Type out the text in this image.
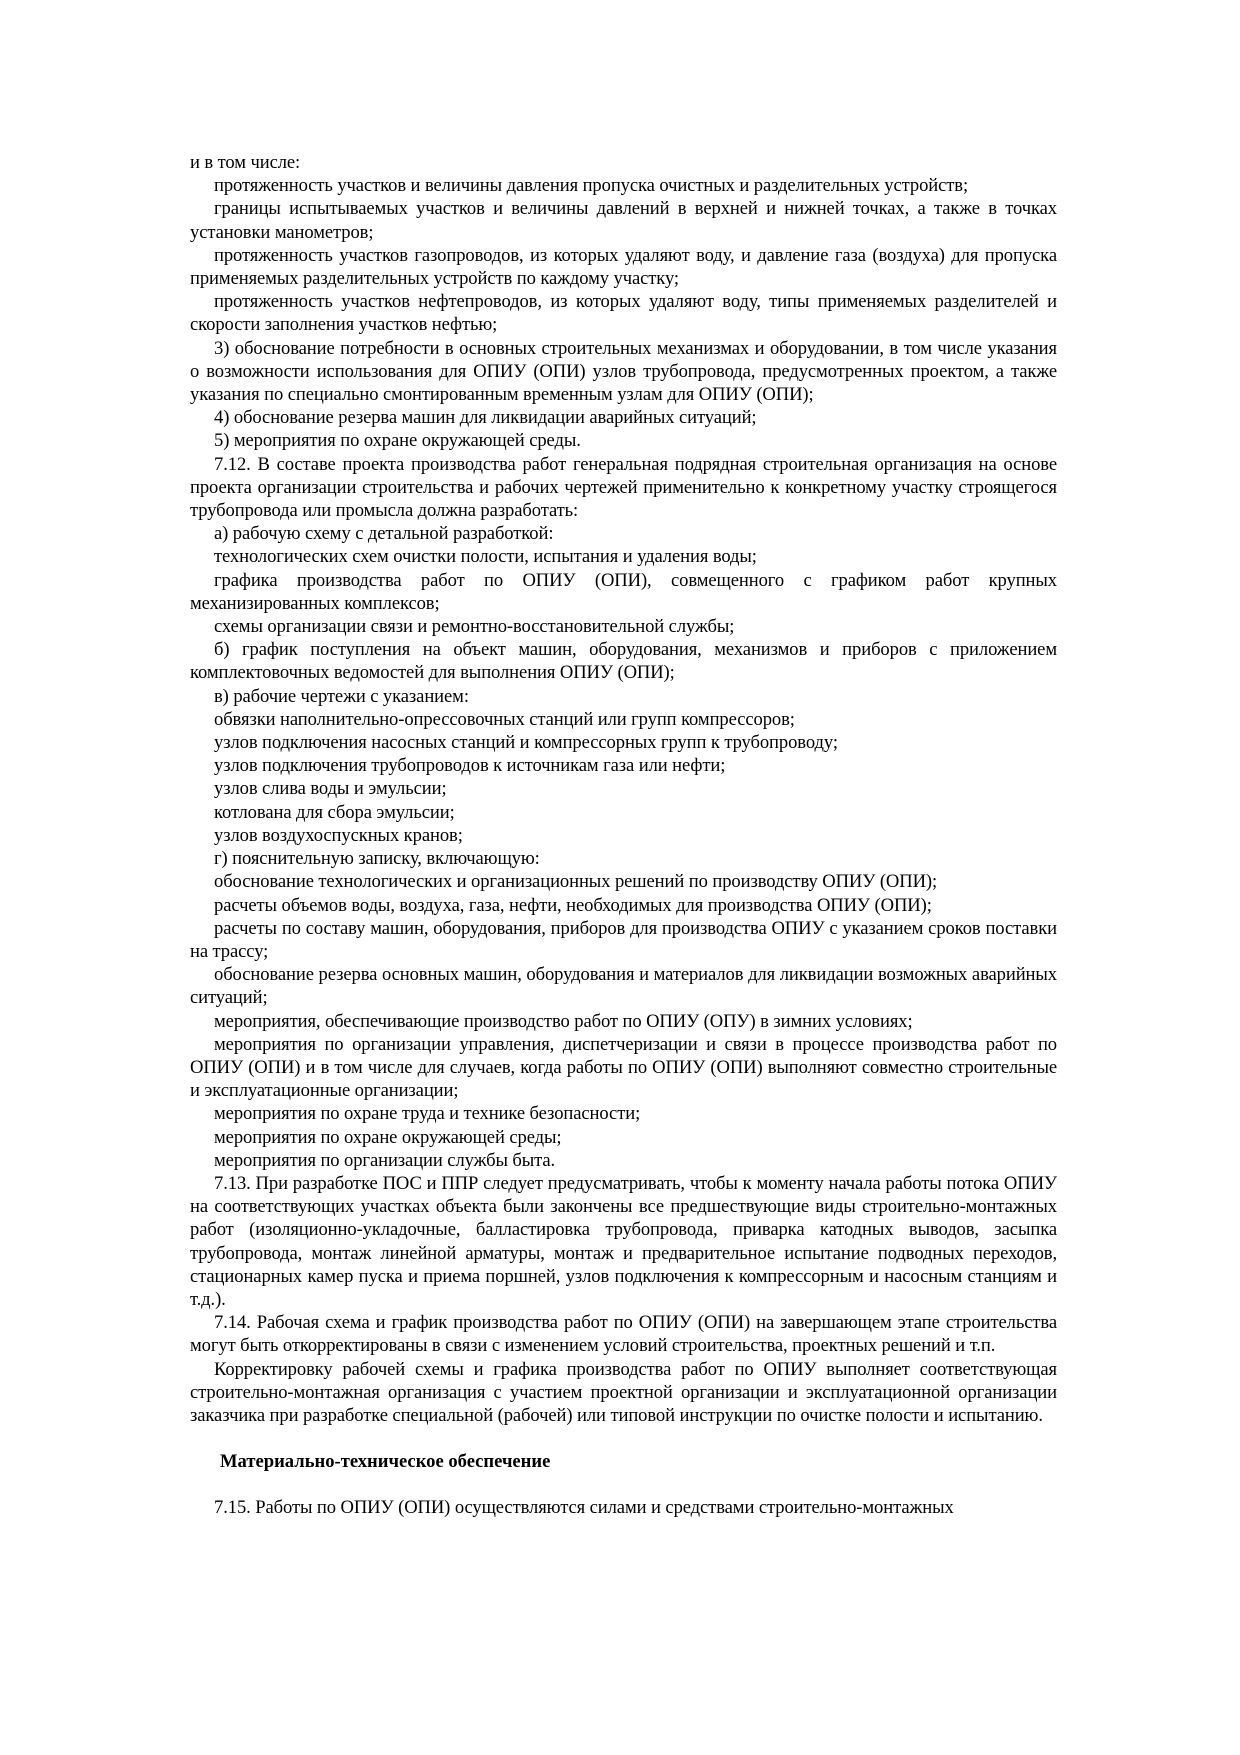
и в том числе:

протяженность участков и величины давления пропуска очистных и разделительных устройств;

границы испытываемых участков и величины давлений в верхней и нижней точках, а также в точках установки манометров;

протяженность участков газопроводов, из которых удаляют воду, и давление газа (воздуха) для пропуска применяемых разделительных устройств по каждому участку;

протяженность участков нефтепроводов, из которых удаляют воду, типы применяемых разделителей и скорости заполнения участков нефтью;

3) обоснование потребности в основных строительных механизмах и оборудовании, в том числе указания о возможности использования для ОПИУ (ОПИ) узлов трубопровода, предусмотренных проектом, а также указания по специально смонтированным временным узлам для ОПИУ (ОПИ);

4) обоснование резерва машин для ликвидации аварийных ситуаций;

5) мероприятия по охране окружающей среды.

7.12. В составе проекта производства работ генеральная подрядная строительная организация на основе проекта организации строительства и рабочих чертежей применительно к конкретному участку строящегося трубопровода или промысла должна разработать:

а) рабочую схему с детальной разработкой:

технологических схем очистки полости, испытания и удаления воды;

графика производства работ по ОПИУ (ОПИ), совмещенного с графиком работ крупных механизированных комплексов;

схемы организации связи и ремонтно-восстановительной службы;

б) график поступления на объект машин, оборудования, механизмов и приборов с приложением комплектовочных ведомостей для выполнения ОПИУ (ОПИ);

в) рабочие чертежи с указанием:

обвязки наполнительно-опрессовочных станций или групп компрессоров;

узлов подключения насосных станций и компрессорных групп к трубопроводу;

узлов подключения трубопроводов к источникам газа или нефти;

узлов слива воды и эмульсии;

котлована для сбора эмульсии;

узлов воздухоспускных кранов;

г) пояснительную записку, включающую:

обоснование технологических и организационных решений по производству ОПИУ (ОПИ);

расчеты объемов воды, воздуха, газа, нефти, необходимых для производства ОПИУ (ОПИ);

расчеты по составу машин, оборудования, приборов для производства ОПИУ с указанием сроков поставки на трассу;

обоснование резерва основных машин, оборудования и материалов для ликвидации возможных аварийных ситуаций;

мероприятия, обеспечивающие производство работ по ОПИУ (ОПУ) в зимних условиях;

мероприятия по организации управления, диспетчеризации и связи в процессе производства работ по ОПИУ (ОПИ) и в том числе для случаев, когда работы по ОПИУ (ОПИ) выполняют совместно строительные и эксплуатационные организации;

мероприятия по охране труда и технике безопасности;

мероприятия по охране окружающей среды;

мероприятия по организации службы быта.

7.13. При разработке ПОС и ППР следует предусматривать, чтобы к моменту начала работы потока ОПИУ на соответствующих участках объекта были закончены все предшествующие виды строительно-монтажных работ (изоляционно-укладочные, балластировка трубопровода, приварка катодных выводов, засыпка трубопровода, монтаж линейной арматуры, монтаж и предварительное испытание подводных переходов, стационарных камер пуска и приема поршней, узлов подключения к компрессорным и насосным станциям и т.д.).

7.14. Рабочая схема и график производства работ по ОПИУ (ОПИ) на завершающем этапе строительства могут быть откорректированы в связи с изменением условий строительства, проектных решений и т.п.

Корректировку рабочей схемы и графика производства работ по ОПИУ выполняет соответствующая строительно-монтажная организация с участием проектной организации и эксплуатационной организации заказчика при разработке специальной (рабочей) или типовой инструкции по очистке полости и испытанию.

Материально-техническое обеспечение

7.15. Работы по ОПИУ (ОПИ) осуществляются силами и средствами строительно-монтажных
